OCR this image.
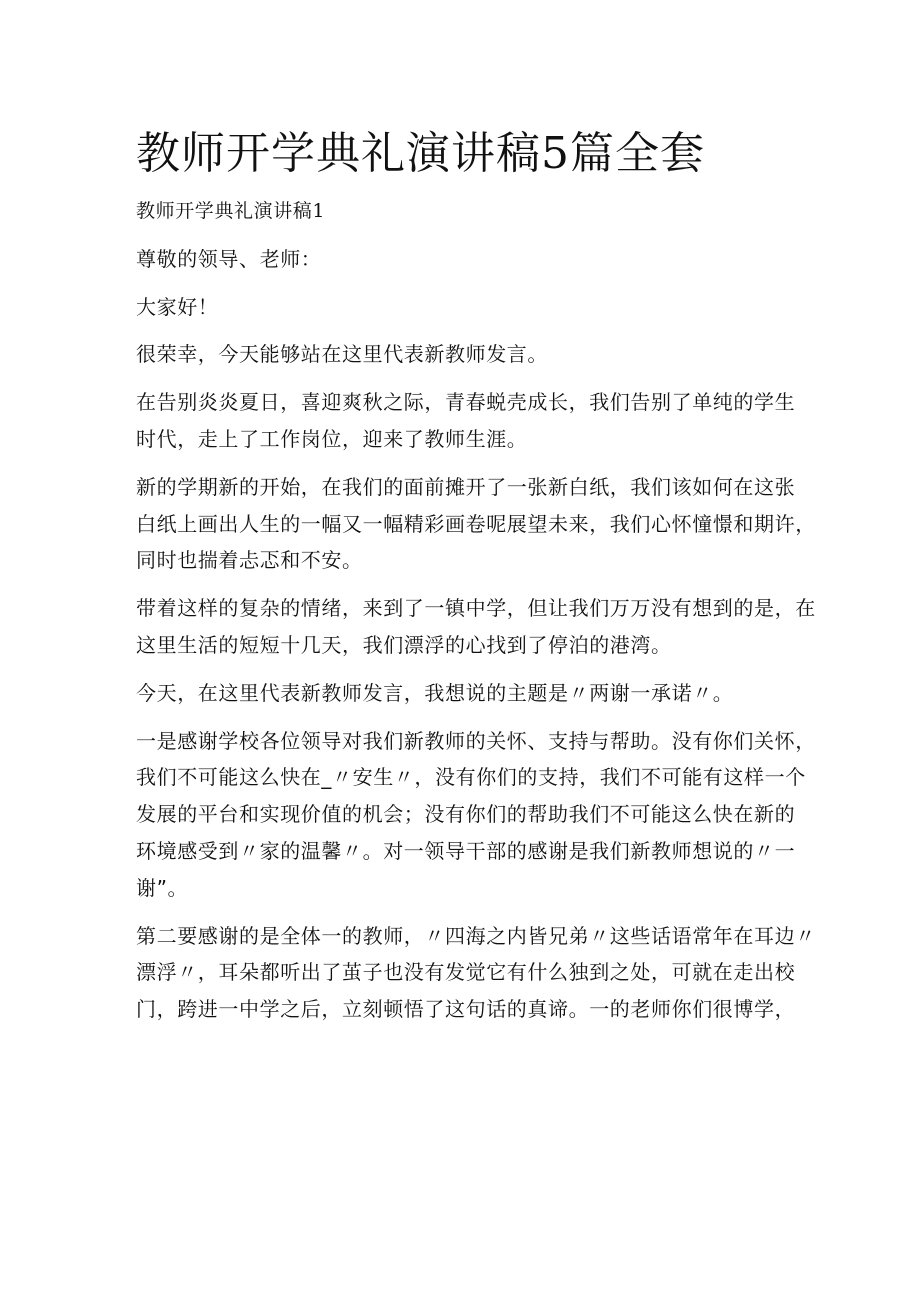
教师开学典礼演讲稿5篇全套
教师开学典礼演讲稿1
尊敬的领导、老师：
大家好！
很荣幸，今天能够站在这里代表新教师发言。
在告别炎炎夏日，喜迎爽秋之际，青春蜕壳成长，我们告别了单纯的学生
时代，走上了工作岗位，迎来了教师生涯。
新的学期新的开始，在我们的面前摊开了一张新白纸，我们该如何在这张
白纸上画出人生的一幅又一幅精彩画卷呢展望未来，我们心怀憧憬和期许，
同时也揣着忐忑和不安。
带着这样的复杂的情绪，来到了一镇中学，但让我们万万没有想到的是，在
这里生活的短短十几天，我们漂浮的心找到了停泊的港湾。
今天，在这里代表新教师发言，我想说的主题是〃两谢一承诺〃。
一是感谢学校各位领导对我们新教师的关怀、支持与帮助。没有你们关怀，
我们不可能这么快在_〃安生〃，没有你们的支持，我们不可能有这样一个
发展的平台和实现价值的机会；没有你们的帮助我们不可能这么快在新的
环境感受到〃家的温馨〃。对一领导干部的感谢是我们新教师想说的〃一
谢”。
第二要感谢的是全体一的教师，〃四海之内皆兄弟〃这些话语常年在耳边〃
漂浮〃，耳朵都听出了茧子也没有发觉它有什么独到之处，可就在走出校
门，跨进一中学之后，立刻顿悟了这句话的真谛。一的老师你们很博学，
